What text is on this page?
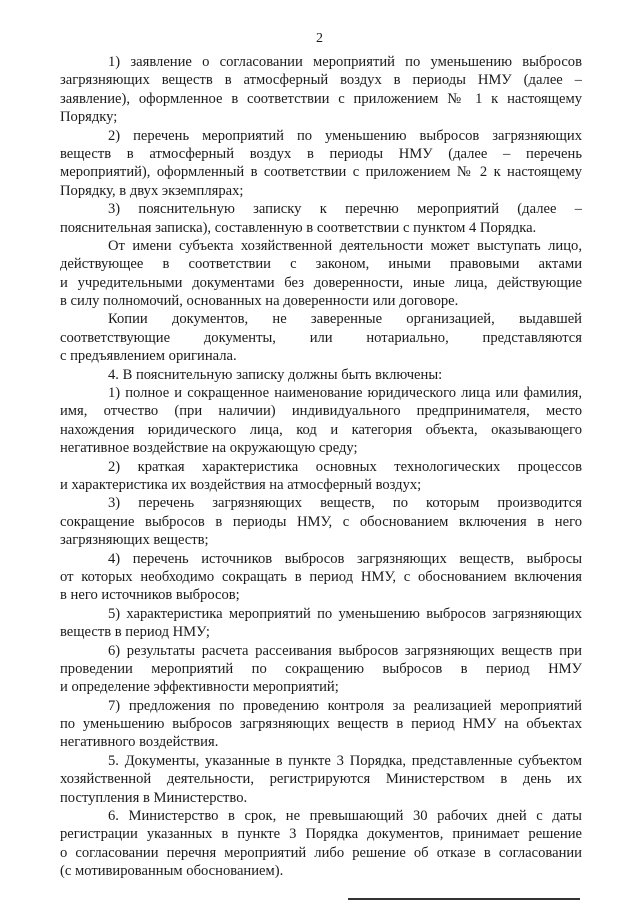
2
1) заявление о согласовании мероприятий по уменьшению выбросов
загрязняющих веществ в атмосферный воздух в периоды НМУ (далее –
заявление), оформленное в соответствии с приложением № 1 к настоящему
Порядку;
2) перечень мероприятий по уменьшению выбросов загрязняющих
веществ в атмосферный воздух в периоды НМУ (далее – перечень
мероприятий), оформленный в соответствии с приложением № 2 к настоящему
Порядку, в двух экземплярах;
3) пояснительную записку к перечню мероприятий (далее –
пояснительная записка), составленную в соответствии с пунктом 4 Порядка.
От имени субъекта хозяйственной деятельности может выступать лицо,
действующее в соответствии с законом, иными правовыми актами
и учредительными документами без доверенности, иные лица, действующие
в силу полномочий, основанных на доверенности или договоре.
Копии документов, не заверенные организацией, выдавшей
соответствующие документы, или нотариально, представляются
с предъявлением оригинала.
4. В пояснительную записку должны быть включены:
1) полное и сокращенное наименование юридического лица или фамилия,
имя, отчество (при наличии) индивидуального предпринимателя, место
нахождения юридического лица, код и категория объекта, оказывающего
негативное воздействие на окружающую среду;
2) краткая характеристика основных технологических процессов
и характеристика их воздействия на атмосферный воздух;
3) перечень загрязняющих веществ, по которым производится
сокращение выбросов в периоды НМУ, с обоснованием включения в него
загрязняющих веществ;
4) перечень источников выбросов загрязняющих веществ, выбросы
от которых необходимо сокращать в период НМУ, с обоснованием включения
в него источников выбросов;
5) характеристика мероприятий по уменьшению выбросов загрязняющих
веществ в период НМУ;
6) результаты расчета рассеивания выбросов загрязняющих веществ при
проведении мероприятий по сокращению выбросов в период НМУ
и определение эффективности мероприятий;
7) предложения по проведению контроля за реализацией мероприятий
по уменьшению выбросов загрязняющих веществ в период НМУ на объектах
негативного воздействия.
5. Документы, указанные в пункте 3 Порядка, представленные субъектом
хозяйственной деятельности, регистрируются Министерством в день их
поступления в Министерство.
6. Министерство в срок, не превышающий 30 рабочих дней с даты
регистрации указанных в пункте 3 Порядка документов, принимает решение
о согласовании перечня мероприятий либо решение об отказе в согласовании
(с мотивированным обоснованием).
